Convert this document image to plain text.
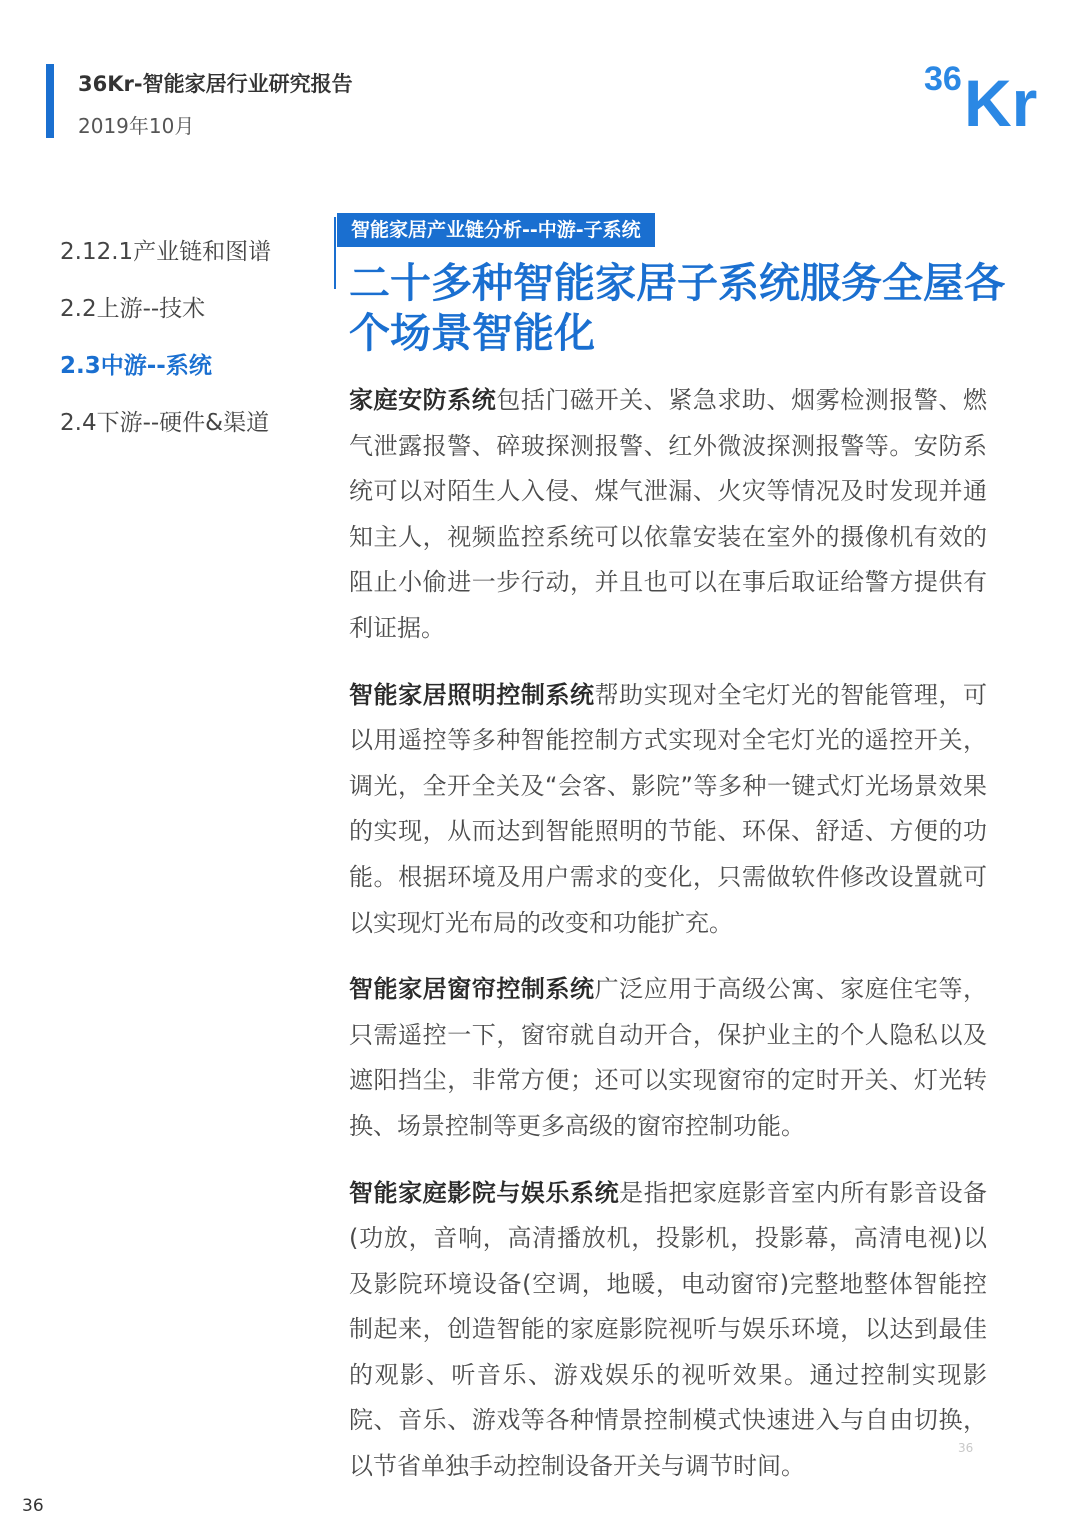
36Kr-智能家居行业研究报告
2019年10月
36 Kr
2.12.1产业链和图谱
2.2上游--技术
2.3中游--系统
2.4下游--硬件&渠道
智能家居产业链分析--中游-子系统
二十多种智能家居子系统服务全屋各个场景智能化

家庭安防系统包括门磁开关、紧急求助、烟雾检测报警、燃气泄露报警、碎玻探测报警、红外微波探测报警等。安防系统可以对陌生人入侵、煤气泄漏、火灾等情况及时发现并通知主人，视频监控系统可以依靠安装在室外的摄像机有效的阻止小偷进一步行动，并且也可以在事后取证给警方提供有利证据。

智能家居照明控制系统帮助实现对全宅灯光的智能管理，可以用遥控等多种智能控制方式实现对全宅灯光的遥控开关，调光，全开全关及“会客、影院”等多种一键式灯光场景效果的实现，从而达到智能照明的节能、环保、舒适、方便的功能。根据环境及用户需求的变化，只需做软件修改设置就可以实现灯光布局的改变和功能扩充。

智能家居窗帘控制系统广泛应用于高级公寓、家庭住宅等，只需遥控一下，窗帘就自动开合，保护业主的个人隐私以及遮阳挡尘，非常方便；还可以实现窗帘的定时开关、灯光转换、场景控制等更多高级的窗帘控制功能。

智能家庭影院与娱乐系统是指把家庭影音室内所有影音设备(功放，音响，高清播放机，投影机，投影幕，高清电视)以及影院环境设备(空调，地暖，电动窗帘)完整地整体智能控制起来，创造智能的家庭影院视听与娱乐环境，以达到最佳的观影、听音乐、游戏娱乐的视听效果。通过控制实现影院、音乐、游戏等各种情景控制模式快速进入与自由切换，以节省单独手动控制设备开关与调节时间。

36
36
